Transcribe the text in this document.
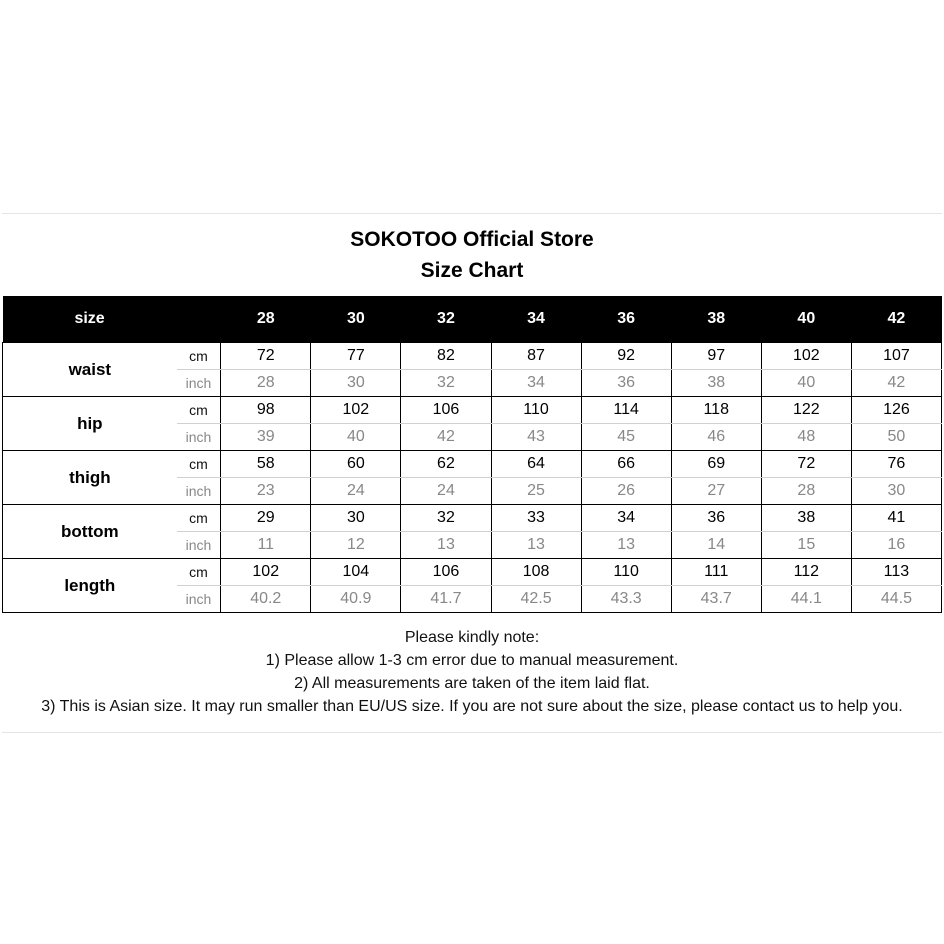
SOKOTOO Official Store
Size Chart
size		28	30	32	34	36	38	40	42
waist	cm	72	77	82	87	92	97	102	107
	inch	28	30	32	34	36	38	40	42
hip	cm	98	102	106	110	114	118	122	126
	inch	39	40	42	43	45	46	48	50
thigh	cm	58	60	62	64	66	69	72	76
	inch	23	24	24	25	26	27	28	30
bottom	cm	29	30	32	33	34	36	38	41
	inch	11	12	13	13	13	14	15	16
length	cm	102	104	106	108	110	111	112	113
	inch	40.2	40.9	41.7	42.5	43.3	43.7	44.1	44.5
Please kindly note:
1) Please allow 1-3 cm error due to manual measurement.
2) All measurements are taken of the item laid flat.
3) This is Asian size. It may run smaller than EU/US size. If you are not sure about the size, please contact us to help you.
